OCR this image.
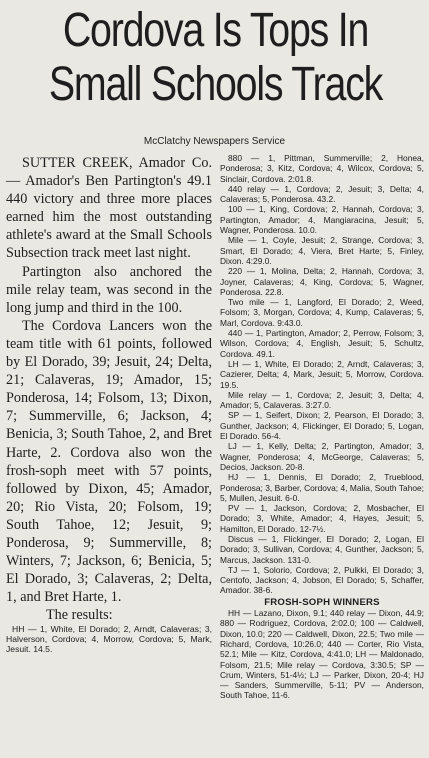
Cordova Is Tops In
Small Schools Track

McClatchy Newspapers Service

SUTTER CREEK, Amador Co. — Amador's Ben Partington's 49.1 440 victory and three more places earned him the most outstanding athlete's award at the Small Schools Subsection track meet last night.

Partington also anchored the mile relay team, was second in the long jump and third in the 100.

The Cordova Lancers won the team title with 61 points, followed by El Dorado, 39; Jesuit, 24; Delta, 21; Calaveras, 19; Amador, 15; Ponderosa, 14; Folsom, 13; Dixon, 7; Summerville, 6; Jackson, 4; Benicia, 3; South Tahoe, 2, and Bret Harte, 2. Cordova also won the frosh-soph meet with 57 points, followed by Dixon, 45; Amador, 20; Rio Vista, 20; Folsom, 19; South Tahoe, 12; Jesuit, 9; Ponderosa, 9; Summerville, 8; Winters, 7; Jackson, 6; Benicia, 5; El Dorado, 3; Calaveras, 2; Delta, 1, and Bret Harte, 1.

The results:

HH — 1, White, El Dorado; 2, Arndt, Calaveras; 3, Halverson, Cordova; 4, Morrow, Cordova; 5, Mark, Jesuit. 14.5.

880 — 1, Pittman, Summerville; 2, Honea, Ponderosa; 3, Kitz, Cordova; 4, Wilcox, Cordova; 5, Sinclair, Cordova. 2:01.8.

440 relay — 1, Cordova; 2, Jesuit; 3, Delta; 4, Calaveras; 5, Ponderosa. 43.2.

100 — 1, King, Cordova; 2, Hannah, Cordova; 3, Partington, Amador; 4, Mangiaracina, Jesuit; 5, Wagner, Ponderosa. 10.0.

Mile — 1, Coyle, Jesuit; 2, Strange, Cordova; 3, Smart, El Dorado; 4, Viera, Bret Harte; 5, Finley, Dixon. 4:29.0.

220 — 1, Molina, Delta; 2, Hannah, Cordova; 3, Joyner, Calaveras; 4, King, Cordova; 5, Wagner, Ponderosa. 22.8.

Two mile — 1, Langford, El Dorado; 2, Weed, Folsom; 3, Morgan, Cordova; 4, Kump, Calaveras; 5, Marl, Cordova. 9:43.0.

440 — 1, Partington, Amador; 2, Perrow, Folsom; 3, Wilson, Cordova; 4, English, Jesuit; 5, Schultz, Cordova. 49.1.

LH — 1, White, El Dorado; 2, Arndt, Calaveras; 3, Cazierer, Delta; 4, Mark, Jesuit; 5, Morrow, Cordova. 19.5.

Mile relay — 1, Cordova; 2, Jesuit; 3, Delta; 4, Amador; 5, Calaveras. 3:27.0.

SP — 1, Seifert, Dixon; 2, Pearson, El Dorado; 3, Gunther, Jackson; 4, Flickinger, El Dorado; 5, Logan, El Dorado. 56-4.

LJ — 1, Kelly, Delta; 2, Partington, Amador; 3, Wagner, Ponderosa; 4, McGeorge, Calaveras; 5, Decios, Jackson. 20-8.

HJ — 1, Dennis, El Dorado; 2, Trueblood, Ponderosa; 3, Barber, Cordova; 4, Malia, South Tahoe; 5, Mullen, Jesuit. 6-0.

PV — 1, Jackson, Cordova; 2, Mosbacher, El Dorado; 3, White, Amador; 4, Hayes, Jesuit; 5, Hamilton, El Dorado. 12-7½.

Discus — 1, Flickinger, El Dorado; 2, Logan, El Dorado; 3, Sullivan, Cordova; 4, Gunther, Jackson; 5, Marcus, Jackson. 131-0.

TJ — 1, Solorio, Cordova; 2, Pulkki, El Dorado; 3, Centofo, Jackson; 4, Jobson, El Dorado; 5, Schaffer, Amador. 38-6.

FROSH-SOPH WINNERS

HH — Lazano, Dixon, 9.1; 440 relay — Dixon, 44.9; 880 — Rodriguez, Cordova, 2:02.0; 100 — Caldwell, Dixon, 10.0; 220 — Caldwell, Dixon, 22.5; Two mile — Richard, Cordova, 10:26.0; 440 — Corter, Rio Vista, 52.1; Mile — Kitz, Cordova, 4:41.0; LH — Maldonado, Folsom, 21.5; Mile relay — Cordova, 3:30.5; SP — Crum, Winters, 51-4½; LJ — Parker, Dixon, 20-4; HJ — Sanders, Summerville, 5-11; PV — Anderson, South Tahoe, 11-6.
